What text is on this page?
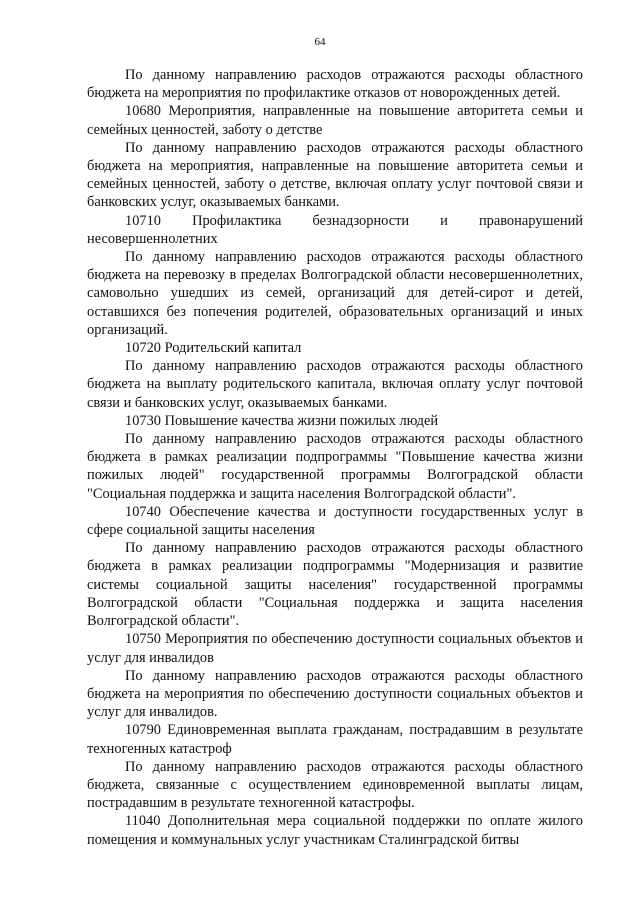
64

По данному направлению расходов отражаются расходы областного бюджета на мероприятия по профилактике отказов от новорожденных детей.

10680 Мероприятия, направленные на повышение авторитета семьи и семейных ценностей, заботу о детстве

По данному направлению расходов отражаются расходы областного бюджета на мероприятия, направленные на повышение авторитета семьи и семейных ценностей, заботу о детстве, включая оплату услуг почтовой связи и банковских услуг, оказываемых банками.

10710 Профилактика безнадзорности и правонарушений несовершеннолетних

По данному направлению расходов отражаются расходы областного бюджета на перевозку в пределах Волгоградской области несовершеннолетних, самовольно ушедших из семей, организаций для детей-сирот и детей, оставшихся без попечения родителей, образовательных организаций и иных организаций.

10720 Родительский капитал

По данному направлению расходов отражаются расходы областного бюджета на выплату родительского капитала, включая оплату услуг почтовой связи и банковских услуг, оказываемых банками.

10730 Повышение качества жизни пожилых людей

По данному направлению расходов отражаются расходы областного бюджета в рамках реализации подпрограммы "Повышение качества жизни пожилых людей" государственной программы Волгоградской области "Социальная поддержка и защита населения Волгоградской области".

10740 Обеспечение качества и доступности государственных услуг в сфере социальной защиты населения

По данному направлению расходов отражаются расходы областного бюджета в рамках реализации подпрограммы "Модернизация и развитие системы социальной защиты населения" государственной программы Волгоградской области "Социальная поддержка и защита населения Волгоградской области".

10750 Мероприятия по обеспечению доступности социальных объектов и услуг для инвалидов

По данному направлению расходов отражаются расходы областного бюджета на мероприятия по обеспечению доступности социальных объектов и услуг для инвалидов.

10790 Единовременная выплата гражданам, пострадавшим в результате техногенных катастроф

По данному направлению расходов отражаются расходы областного бюджета, связанные с осуществлением единовременной выплаты лицам, пострадавшим в результате техногенной катастрофы.

11040 Дополнительная мера социальной поддержки по оплате жилого помещения и коммунальных услуг участникам Сталинградской битвы
